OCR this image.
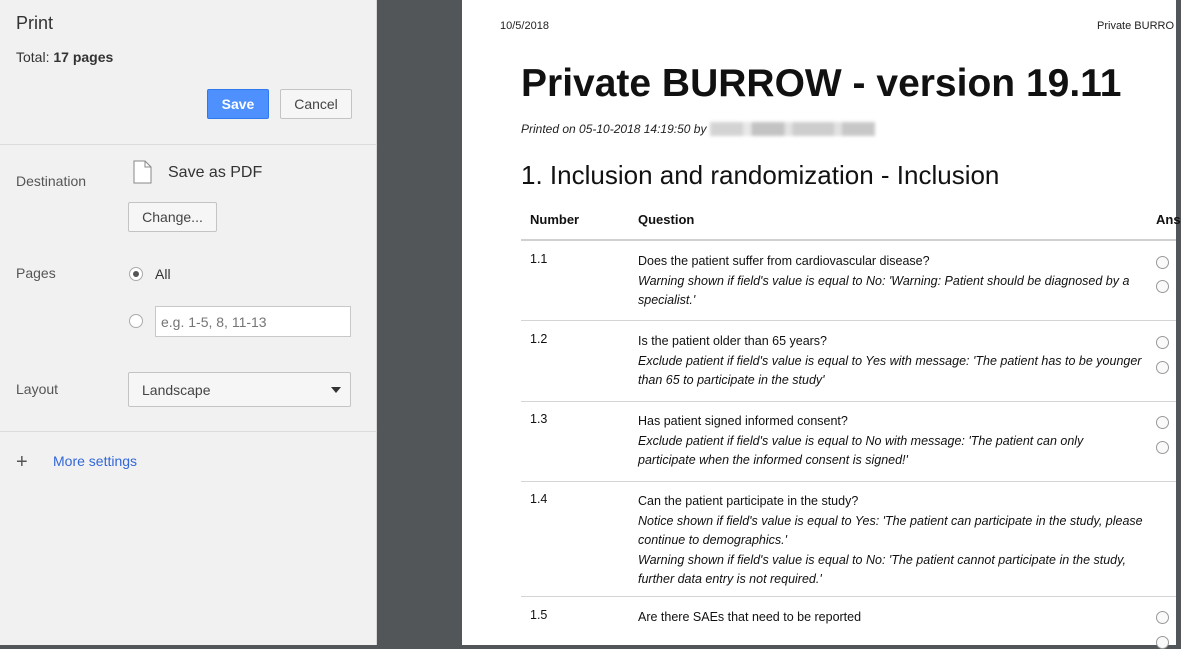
Print
Total: 17 pages
Save	Cancel
Destination	Save as PDF
Change...
Pages	All
e.g. 1-5, 8, 11-13
Layout	Landscape
+ More settings
10/5/2018	Private BURRO
Private BURROW - version 19.11
Printed on 05-10-2018 14:19:50 by
1. Inclusion and randomization - Inclusion
Number	Question	Ans
1.1	Does the patient suffer from cardiovascular disease?
Warning shown if field's value is equal to No: 'Warning: Patient should be diagnosed by a specialist.'
1.2	Is the patient older than 65 years?
Exclude patient if field's value is equal to Yes with message: 'The patient has to be younger than 65 to participate in the study'
1.3	Has patient signed informed consent?
Exclude patient if field's value is equal to No with message: 'The patient can only participate when the informed consent is signed!'
1.4	Can the patient participate in the study?
Notice shown if field's value is equal to Yes: 'The patient can participate in the study, please continue to demographics.'
Warning shown if field's value is equal to No: 'The patient cannot participate in the study, further data entry is not required.'
1.5	Are there SAEs that need to be reported
